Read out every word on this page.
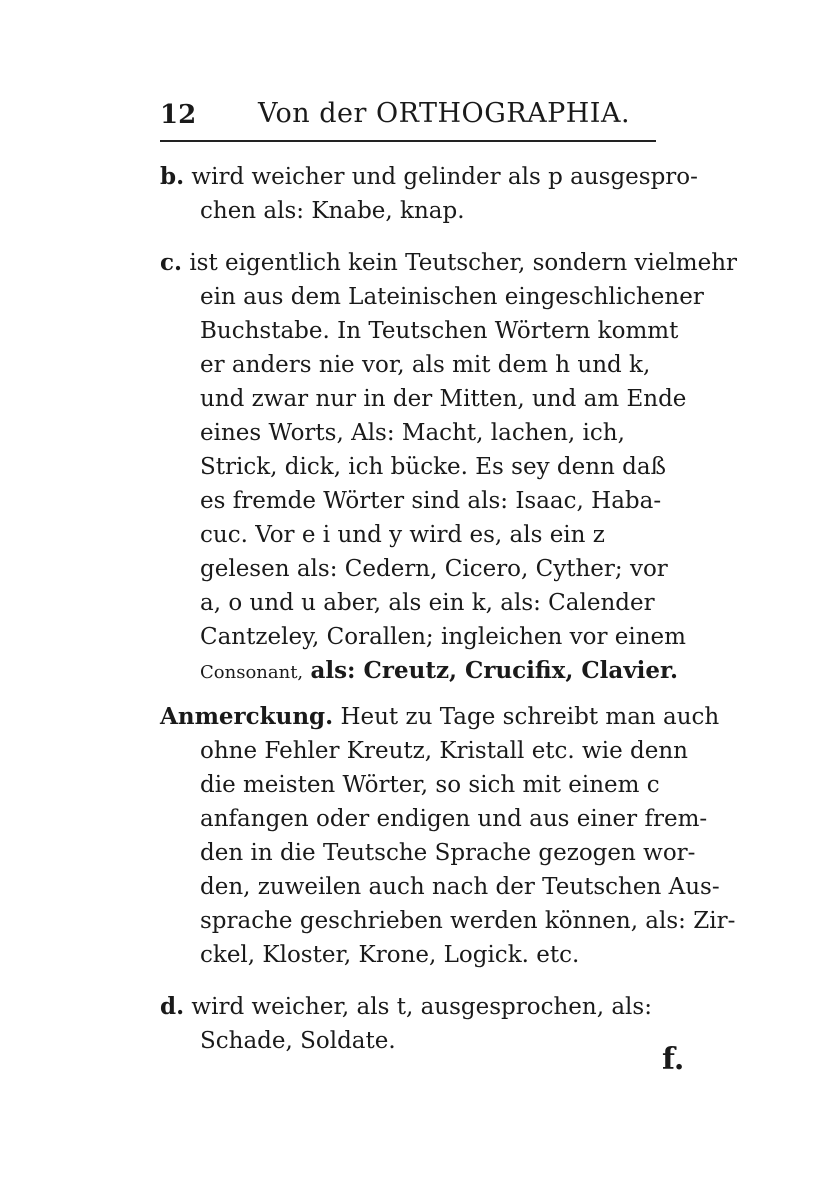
12 Von der ORTHOGRAPHIA.
b. wird weicher und gelinder als p ausgespro-
chen als: Knabe, knap.
c. ist eigentlich kein Teutscher, sondern vielmehr
ein aus dem Lateinischen eingeschlichener
Buchstabe. In Teutschen Wörtern kommt
er anders nie vor, als mit dem h und k,
und zwar nur in der Mitten, und am Ende
eines Worts, Als: Macht, lachen, ich,
Strick, dick, ich bücke. Es sey denn daß
es fremde Wörter sind als: Isaac, Haba-
cuc. Vor e i und y wird es, als ein z
gelesen als: Cedern, Cicero, Cyther; vor
a, o und u aber, als ein k, als: Calender
Cantzeley, Corallen; ingleichen vor einem
Consonant, als: Creutz, Crucifix, Clavier.
Anmerckung. Heut zu Tage schreibt man auch
ohne Fehler Kreutz, Kristall etc. wie denn
die meisten Wörter, so sich mit einem c
anfangen oder endigen und aus einer frem-
den in die Teutsche Sprache gezogen wor-
den, zuweilen auch nach der Teutschen Aus-
sprache geschrieben werden können, als: Zir-
ckel, Kloster, Krone, Logick. etc.
d. wird weicher, als t, ausgesprochen, als:
Schade, Soldate.
f.
